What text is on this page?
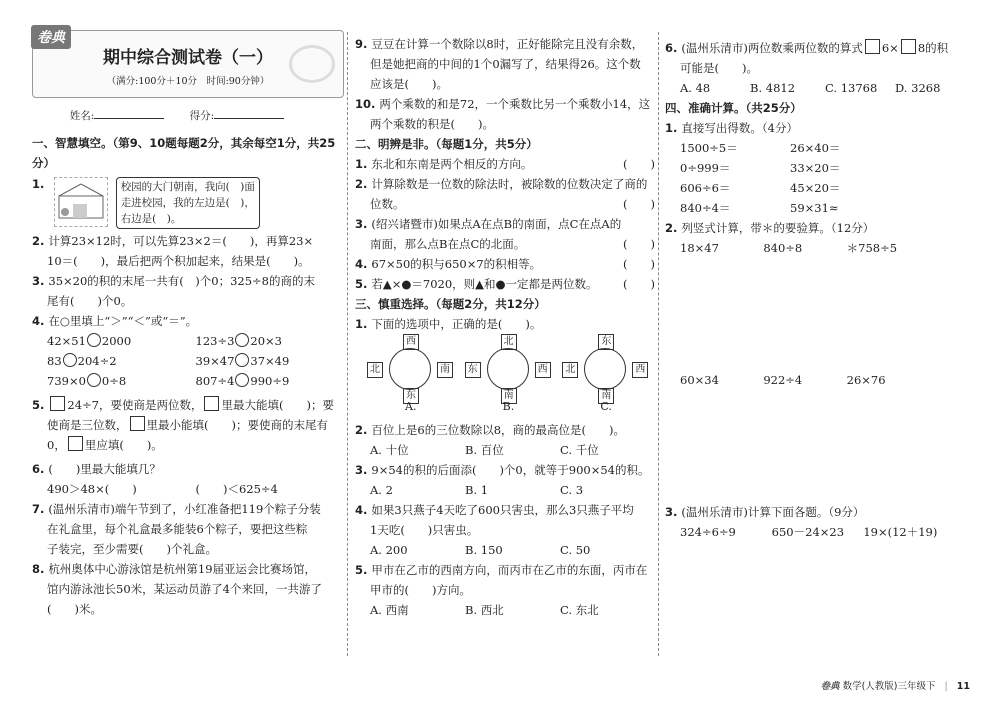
卷典
期中综合测试卷（一）
（满分:100分＋10分　时间:90分钟）
姓名:	得分:
一、智慧填空。（第9、10题每题2分，其余每空1分，共25分）
1.	校园的大门朝南，我向(　)面
走进校园，我的左边是(　)，
右边是(　)。
2. 计算23×12时，可以先算23×2＝(　　)，再算23×
10＝(　　)，最后把两个积加起来，结果是(　　)。
3. 35×20的积的末尾一共有(　)个0；325÷8的商的末
尾有(　　)个0。
4. 在○里填上“＞”“＜”或“＝”。
42×51 2000	123÷3 20×3
83 204÷2	39×47 37×49
739×0 0÷8	807÷4 990÷9
5. 24÷7，要使商是两位数， 里最大能填(　　)；要
使商是三位数， 里最小能填(　　)；要使商的末尾有
0， 里应填(　　)。
6. (　　)里最大能填几？
490＞48×(　　)	(　　)＜625÷4
7. (温州乐清市)端午节到了，小红准备把119个粽子分装
在礼盒里，每个礼盒最多能装6个粽子，要把这些粽
子装完，至少需要(　　)个礼盒。
8. 杭州奥体中心游泳馆是杭州第19届亚运会比赛场馆，
馆内游泳池长50米，某运动员游了4个来回，一共游了
(　　)米。
9. 豆豆在计算一个数除以8时，正好能除完且没有余数，
但是她把商的中间的1个0漏写了，结果得26。这个数
应该是(　　)。
10. 两个乘数的和是72，一个乘数比另一个乘数小14，这
两个乘数的积是(　　)。
二、明辨是非。（每题1分，共5分）
1. 东北和东南是两个相反的方向。	(　　)
2. 计算除数是一位数的除法时，被除数的位数决定了商的
位数。	(　　)
3. (绍兴诸暨市)如果点A在点B的南面，点C在点A的
南面，那么点B在点C的北面。	(　　)
4. 67×50的积与650×7的积相等。	(　　)
5. 若▲×●＝7020，则▲和●一定都是两位数。 (　　)
三、慎重选择。（每题2分，共12分）
1. 下面的选项中，正确的是(　　)。
西
北	南
东
A.

北
东	西
南
B.

东
北	西
南
C.
2. 百位上是6的三位数除以8，商的最高位是(　　)。
A. 十位	B. 百位	C. 千位
3. 9×54的积的后面添(　　)个0，就等于900×54的积。
A. 2	B. 1	C. 3
4. 如果3只燕子4天吃了600只害虫，那么3只燕子平均
1天吃(　　)只害虫。
A. 200	B. 150	C. 50
5. 甲市在乙市的西南方向，而丙市在乙市的东面，丙市在
甲市的(　　)方向。
A. 西南	B. 西北	C. 东北
6. (温州乐清市)两位数乘两位数的算式 6× 8的积
可能是(　　)。
A. 48	B. 4812	C. 13768	D. 3268
四、准确计算。（共25分）
1. 直接写出得数。（4分）
1500÷5＝	26×40＝
0÷999＝	33×20＝
606÷6＝	45×20＝
840÷4＝	59×31≈
2. 列竖式计算，带＊的要验算。（12分）
18×47	840÷8	＊758÷5
60×34	922÷4	26×76
3. (温州乐清市)计算下面各题。（9分）
324÷6÷9	650－24×23	19×(12＋19)
卷典 数学(人教版)三年级下 | 11
